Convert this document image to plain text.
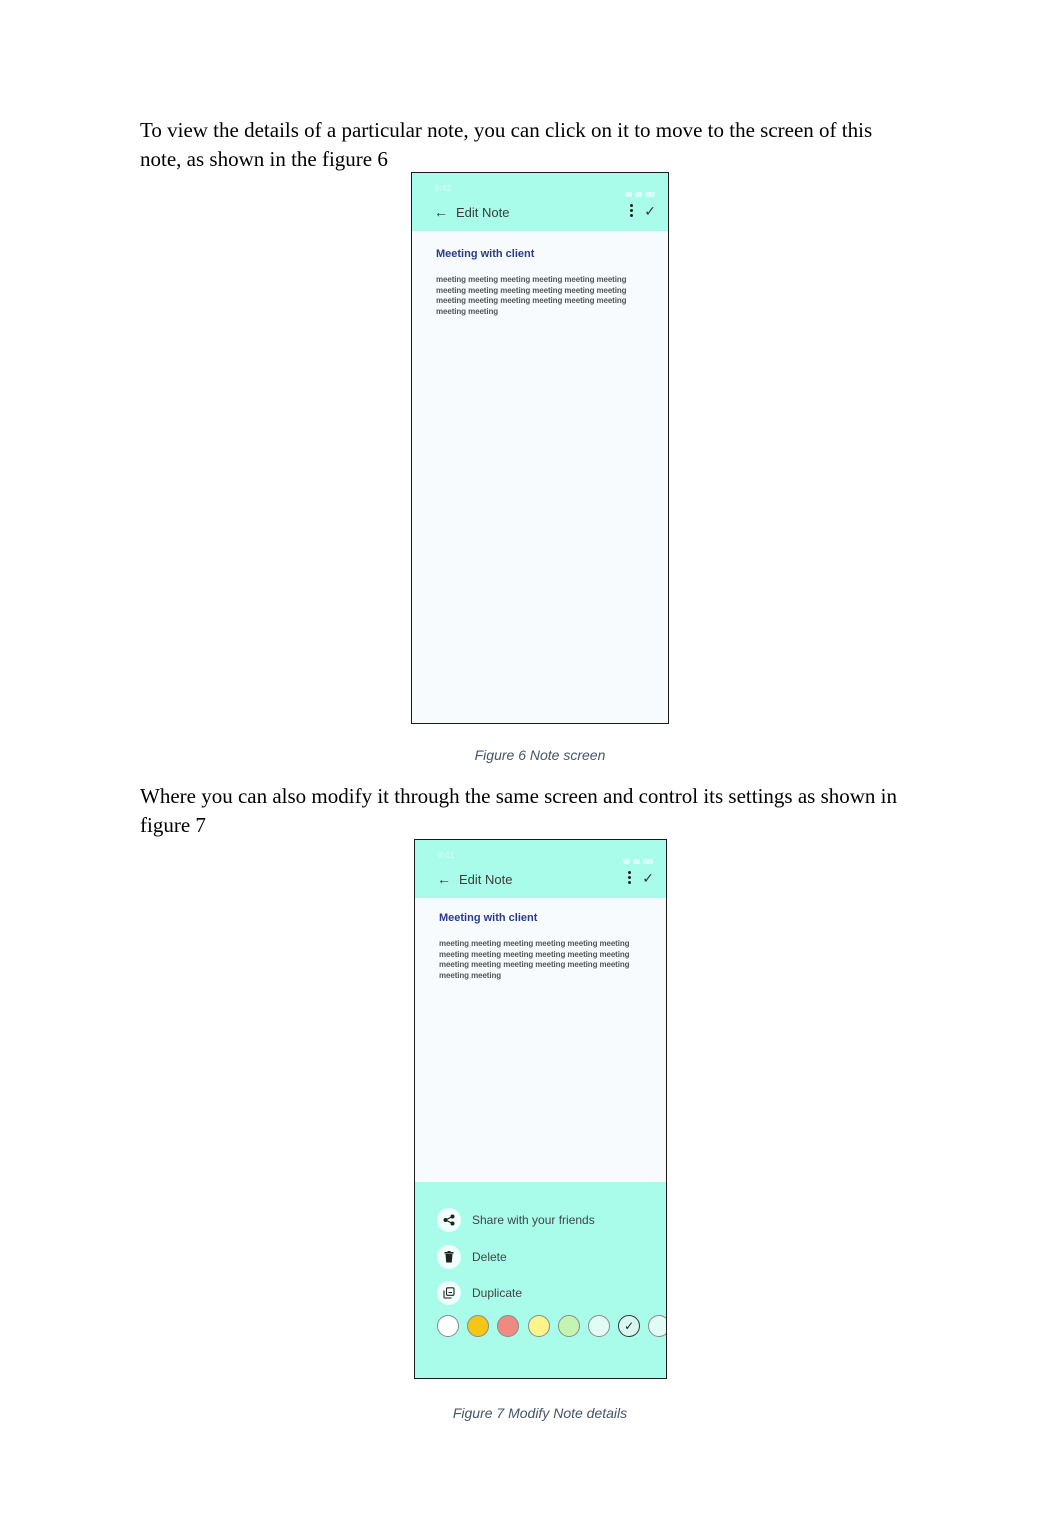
To view the details of a particular note, you can click on it to move to the screen of this
note, as shown in the figure 6

9:41
← Edit Note	✓
Meeting with client
meeting meeting meeting meeting meeting meeting
meeting meeting meeting meeting meeting meeting
meeting meeting meeting meeting meeting meeting
meeting meeting
Figure 6 Note screen

Where you can also modify it through the same screen and control its settings as shown in
figure 7

9:41
← Edit Note	✓
Meeting with client
meeting meeting meeting meeting meeting meeting
meeting meeting meeting meeting meeting meeting
meeting meeting meeting meeting meeting meeting
meeting meeting
Share with your friends
Delete
Duplicate
✓
Figure 7 Modify Note details
